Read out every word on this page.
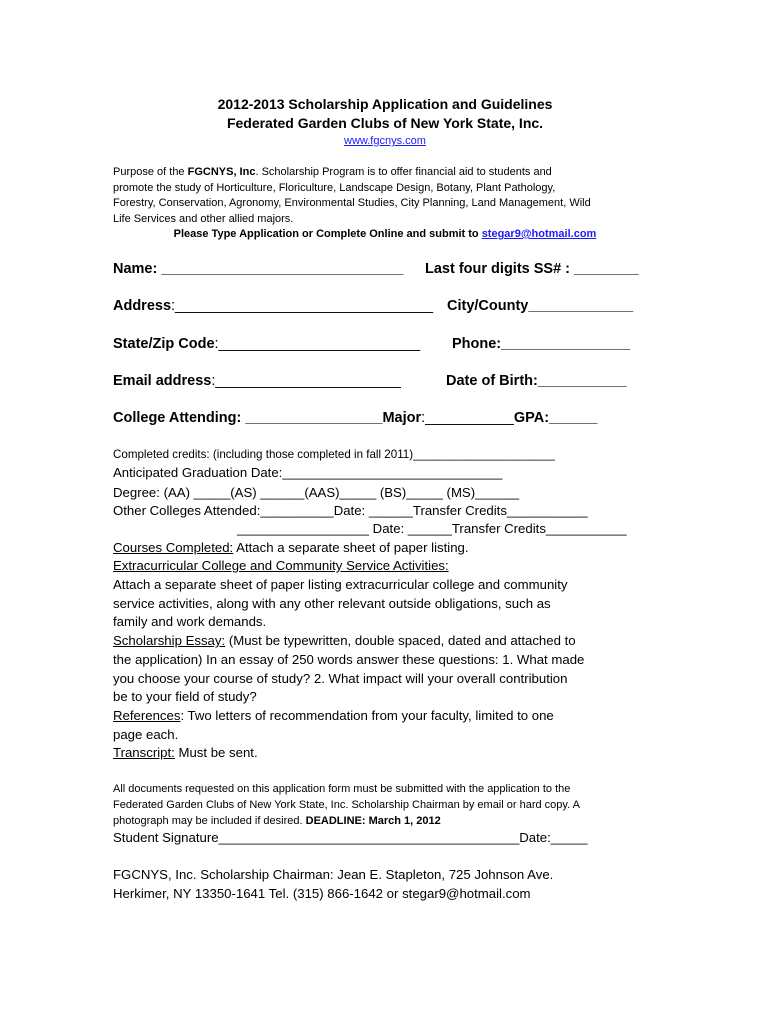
2012-2013 Scholarship Application and Guidelines
Federated Garden Clubs of New York State, Inc.
www.fgcnys.com
Purpose of the FGCNYS, Inc. Scholarship Program is to offer financial aid to students and
promote the study of Horticulture, Floriculture, Landscape Design, Botany, Plant Pathology,
Forestry, Conservation, Agronomy, Environmental Studies, City Planning, Land Management, Wild
Life Services and other allied majors.
Please Type Application or Complete Online and submit to stegar9@hotmail.com
Name: ______________________________ Last four digits SS# : ________
Address:________________________________ City/County_____________
State/Zip Code:_________________________ Phone:________________
Email address:_______________________	Date of Birth:___________
College Attending: _________________Major:___________GPA:______
Completed credits: (including those completed in fall 2011)______________________
Anticipated Graduation Date:______________________________
Degree: (AA) _____(AS) ______(AAS)_____ (BS)_____ (MS)______
Other Colleges Attended:__________Date: ______Transfer Credits___________
__________________ Date: ______Transfer Credits___________
Courses Completed: Attach a separate sheet of paper listing.
Extracurricular College and Community Service Activities:
Attach a separate sheet of paper listing extracurricular college and community
service activities, along with any other relevant outside obligations, such as
family and work demands.
Scholarship Essay: (Must be typewritten, double spaced, dated and attached to
the application) In an essay of 250 words answer these questions: 1. What made
you choose your course of study? 2. What impact will your overall contribution
be to your field of study?
References: Two letters of recommendation from your faculty, limited to one
page each.
Transcript: Must be sent.
All documents requested on this application form must be submitted with the application to the
Federated Garden Clubs of New York State, Inc. Scholarship Chairman by email or hard copy. A
photograph may be included if desired. DEADLINE: March 1, 2012
Student Signature_________________________________________Date:_____
FGCNYS, Inc. Scholarship Chairman: Jean E. Stapleton, 725 Johnson Ave.
Herkimer, NY 13350-1641 Tel. (315) 866-1642 or stegar9@hotmail.com
